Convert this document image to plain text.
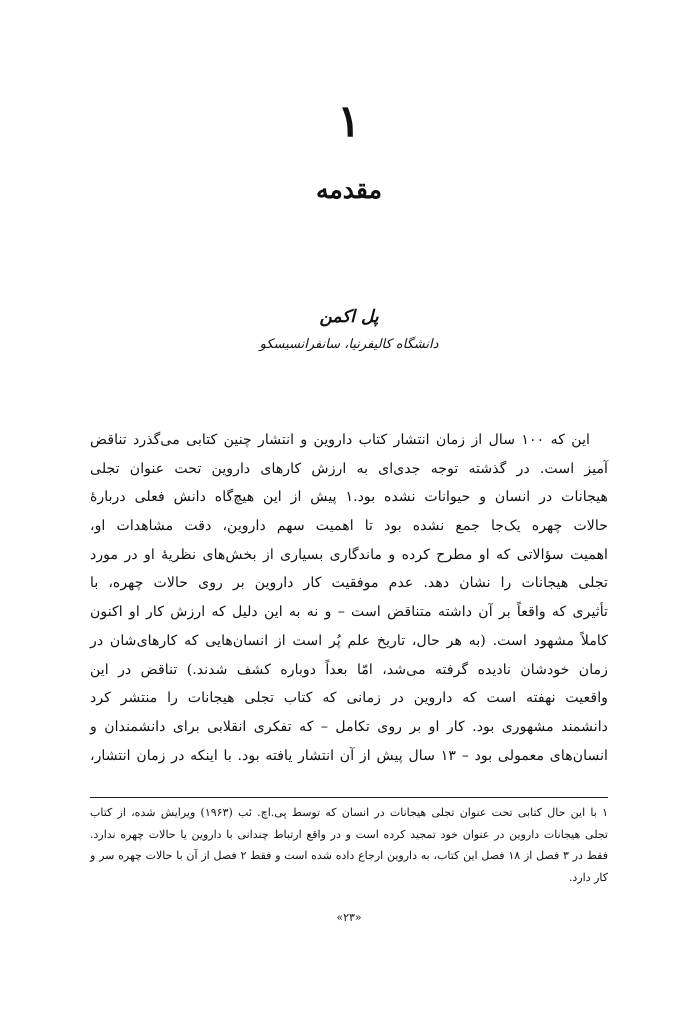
۱
مقدمه
پل اکمن
دانشگاه کالیفرنیا، سانفرانسیسکو
این که ۱۰۰ سال از زمان انتشار کتاب داروین و انتشار چنین کتابی می‌گذرد تناقض
آمیز است. در گذشته توجه جدی‌ای به ارزش کارهای داروین تحت عنوان تجلی
هیجانات در انسان و حیوانات نشده بود.۱ پیش از این هیچ‌گاه دانش فعلی دربارهٔ
حالات چهره یک‌جا جمع نشده بود تا اهمیت سهم داروین، دقت مشاهدات او،
اهمیت سؤالاتی که او مطرح کرده و ماندگاری بسیاری از بخش‌های نظریهٔ او در مورد
تجلی هیجانات را نشان دهد. عدم موفقیت کار داروین بر روی حالات چهره، با
تأثیری که واقعاً بر آن داشته متناقض است – و نه به این دلیل که ارزش کار او اکنون
کاملاً مشهود است. (به هر حال، تاریخ علم پُر است از انسان‌هایی که کارهای‌شان در
زمان خودشان نادیده گرفته می‌شد، امّا بعداً دوباره کشف شدند.) تناقض در این
واقعیت نهفته است که داروین در زمانی که کتاب تجلی هیجانات را منتشر کرد
دانشمند مشهوری بود. کار او بر روی تکامل – که تفکری انقلابی برای دانشمندان و
انسان‌های معمولی بود – ۱۳ سال پیش از آن انتشار یافته بود. با اینکه در زمان انتشار،
۱ با این حال کتابی تحت عنوان تجلی هیجانات در انسان که توسط پی.اچ. ئب (۱۹۶۳) ویرایش شده، از کتاب
تجلی هیجانات داروین در عنوان خود تمجید کرده است و در واقع ارتباط چندانی با داروین یا حالات چهره ندارد.
فقط در ۳ فصل از ۱۸ فصل این کتاب، به داروین ارجاع داده شده است و فقط ۲ فصل از آن با حالات چهره سر و
کار دارد.
«۲۳»
